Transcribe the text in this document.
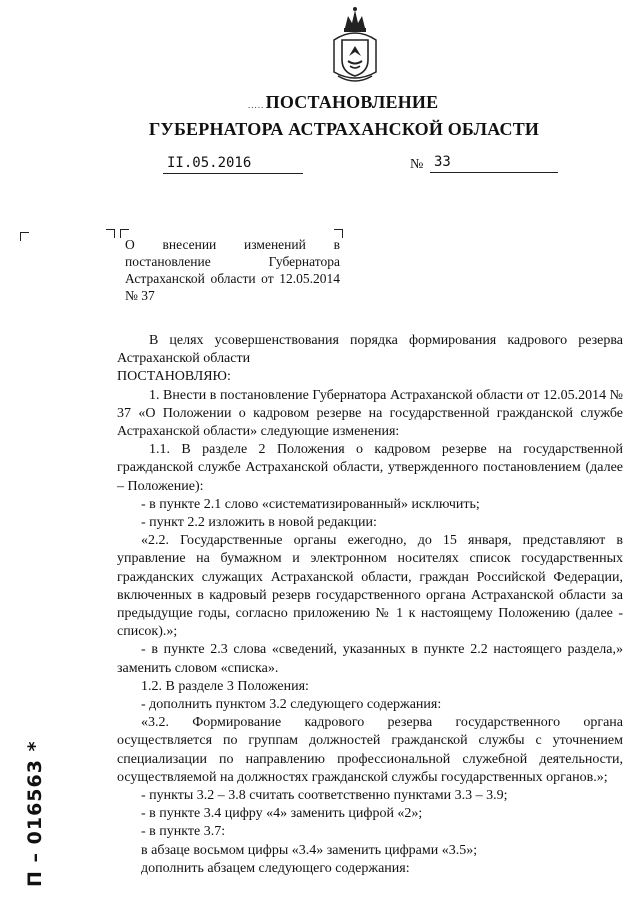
..... ПОСТАНОВЛЕНИЕ
ГУБЕРНАТОРА АСТРАХАНСКОЙ ОБЛАСТИ
II.05.2016	№ 33
О внесении изменений в постановление Губернатора Астраханской области от 12.05.2014 № 37

В целях усовершенствования порядка формирования кадрового резерва Астраханской области

ПОСТАНОВЛЯЮ:

1. Внести в постановление Губернатора Астраханской области от 12.05.2014 № 37 «О Положении о кадровом резерве на государственной гражданской службе Астраханской области» следующие изменения:

1.1. В разделе 2 Положения о кадровом резерве на государственной гражданской службе Астраханской области, утвержденного постановлением (далее – Положение):

- в пункте 2.1 слово «систематизированный» исключить;

- пункт 2.2 изложить в новой редакции:

«2.2. Государственные органы ежегодно, до 15 января, представляют в управление на бумажном и электронном носителях список государственных гражданских служащих Астраханской области, граждан Российской Федерации, включенных в кадровый резерв государственного органа Астраханской области за предыдущие годы, согласно приложению № 1 к настоящему Положению (далее - список).»;

- в пункте 2.3 слова «сведений, указанных в пункте 2.2 настоящего раздела,» заменить словом «списка».

1.2. В разделе 3 Положения:

- дополнить пунктом 3.2 следующего содержания:

«3.2. Формирование кадрового резерва государственного органа осуществляется по группам должностей гражданской службы с уточнением специализации по направлению профессиональной служебной деятельности, осуществляемой на должностях гражданской службы государственных органов.»;

- пункты 3.2 – 3.8 считать соответственно пунктами 3.3 – 3.9;

- в пункте 3.4 цифру «4» заменить цифрой «2»;

- в пункте 3.7:

в абзаце восьмом цифры «3.4» заменить цифрами «3.5»;

дополнить абзацем следующего содержания:

П – 016563 *
